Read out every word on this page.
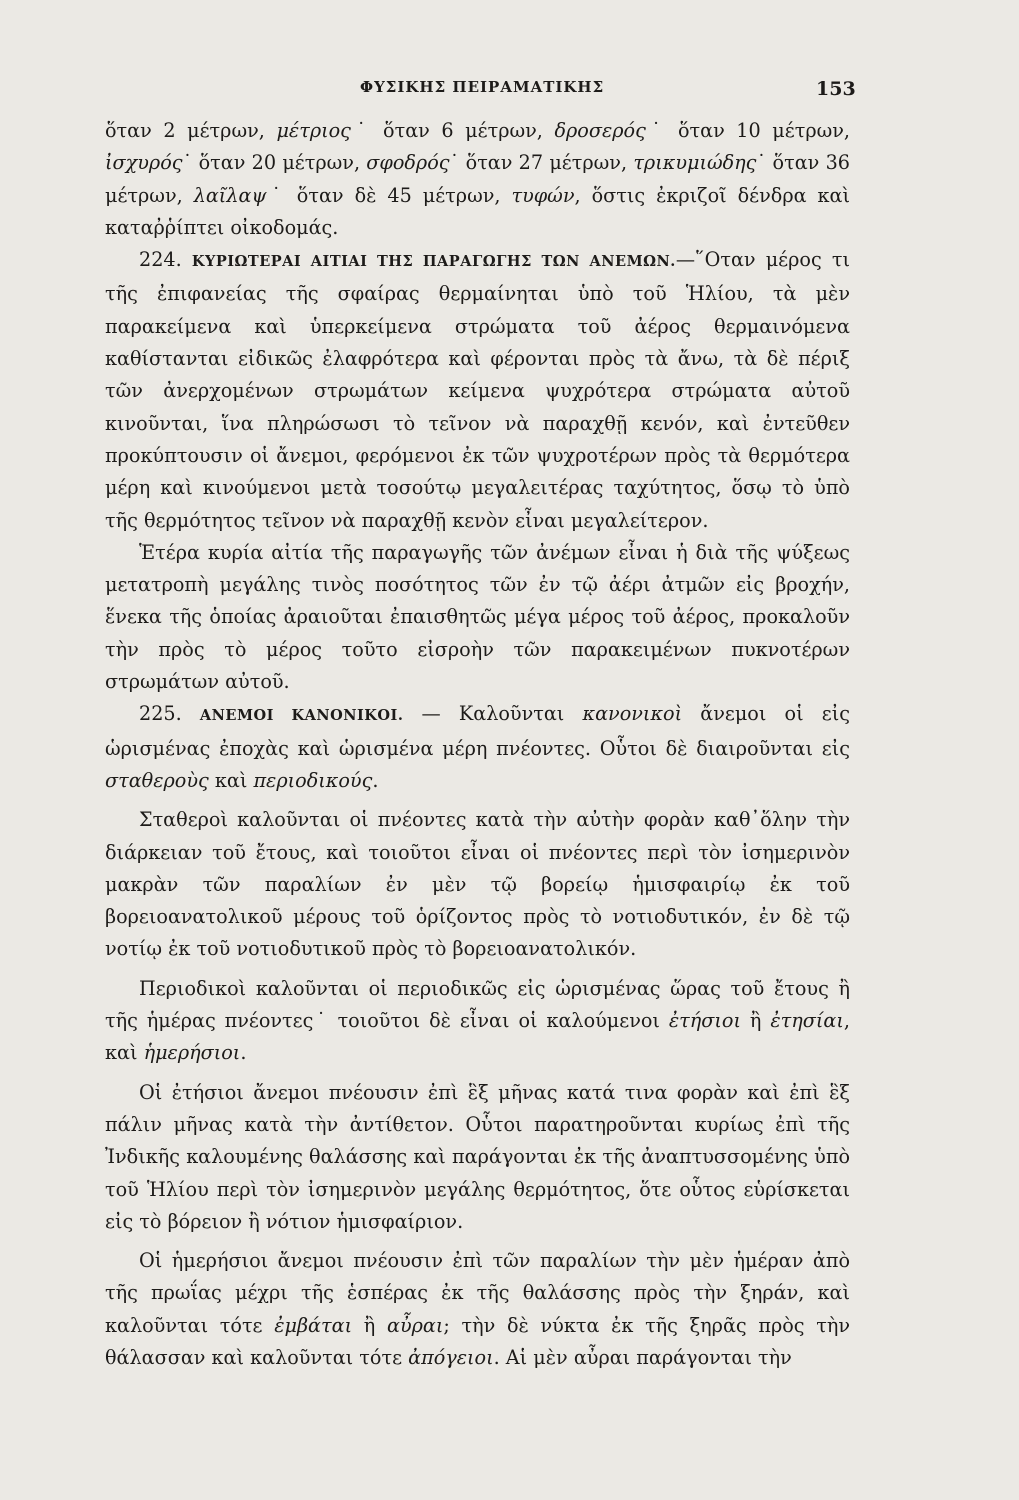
ΦΥΣΙΚΗΣ ΠΕΙΡΑΜΑΤΙΚΗΣ	153

ὅταν 2 μέτρων, μέτριος˙ ὅταν 6 μέτρων, δροσερός˙ ὅταν 10 μέτρων, ἰσχυρός˙ ὅταν 20 μέτρων, σφοδρός˙ ὅταν 27 μέτρων, τρικυμιώδης˙ ὅταν 36 μέτρων, λαῖλαψ˙ ὅταν δὲ 45 μέτρων, τυφών, ὅστις ἐκριζοῖ δένδρα καὶ καταῤῥίπτει οἰκοδομάς.

224. ΚΥΡΙΩΤΕΡΑΙ ΑΙΤΙΑΙ ΤΗΣ ΠΑΡΑΓΩΓΗΣ ΤΩΝ ΑΝΕΜΩΝ.—῞Οταν μέρος τι τῆς ἐπιφανείας τῆς σφαίρας θερμαίνηται ὑπὸ τοῦ Ἡλίου, τὰ μὲν παρακείμενα καὶ ὑπερκείμενα στρώματα τοῦ ἀέρος θερμαινόμενα καθίστανται εἰδικῶς ἐλαφρότερα καὶ φέρονται πρὸς τὰ ἄνω, τὰ δὲ πέριξ τῶν ἀνερχομένων στρωμάτων κείμενα ψυχρότερα στρώματα αὐτοῦ κινοῦνται, ἵνα πληρώσωσι τὸ τεῖνον νὰ παραχθῇ κενόν, καὶ ἐντεῦθεν προκύπτουσιν οἱ ἄνεμοι, φερόμενοι ἐκ τῶν ψυχροτέρων πρὸς τὰ θερμότερα μέρη καὶ κινούμενοι μετὰ τοσούτῳ μεγαλειτέρας ταχύτητος, ὅσῳ τὸ ὑπὸ τῆς θερμότητος τεῖνον νὰ παραχθῇ κενὸν εἶναι μεγαλείτερον.

Ἑτέρα κυρία αἰτία τῆς παραγωγῆς τῶν ἀνέμων εἶναι ἡ διὰ τῆς ψύξεως μετατροπὴ μεγάλης τινὸς ποσότητος τῶν ἐν τῷ ἀέρι ἀτμῶν εἰς βροχήν, ἕνεκα τῆς ὁποίας ἀραιοῦται ἐπαισθητῶς μέγα μέρος τοῦ ἀέρος, προκαλοῦν τὴν πρὸς τὸ μέρος τοῦτο εἰσροὴν τῶν παρακειμένων πυκνοτέρων στρωμάτων αὐτοῦ.

225. ΑΝΕΜΟΙ ΚΑΝΟΝΙΚΟΙ. — Καλοῦνται κανονικοὶ ἄνεμοι οἱ εἰς ὡρισμένας ἐποχὰς καὶ ὡρισμένα μέρη πνέοντες. Οὗτοι δὲ διαιροῦνται εἰς σταθεροὺς καὶ περιοδικούς.

Σταθεροὶ καλοῦνται οἱ πνέοντες κατὰ τὴν αὐτὴν φορὰν καθ᾽ὅλην τὴν διάρκειαν τοῦ ἔτους, καὶ τοιοῦτοι εἶναι οἱ πνέοντες περὶ τὸν ἰσημερινὸν μακρὰν τῶν παραλίων ἐν μὲν τῷ βορείῳ ἡμισφαιρίῳ ἐκ τοῦ βορειοανατολικοῦ μέρους τοῦ ὁρίζοντος πρὸς τὸ νοτιοδυτικόν, ἐν δὲ τῷ νοτίῳ ἐκ τοῦ νοτιοδυτικοῦ πρὸς τὸ βορειοανατολικόν.

Περιοδικοὶ καλοῦνται οἱ περιοδικῶς εἰς ὡρισμένας ὥρας τοῦ ἔτους ἢ τῆς ἡμέρας πνέοντες˙ τοιοῦτοι δὲ εἶναι οἱ καλούμενοι ἐτήσιοι ἢ ἐτησίαι, καὶ ἡμερήσιοι.

Οἱ ἐτήσιοι ἄνεμοι πνέουσιν ἐπὶ ἓξ μῆνας κατά τινα φορὰν καὶ ἐπὶ ἓξ πάλιν μῆνας κατὰ τὴν ἀντίθετον. Οὗτοι παρατηροῦνται κυρίως ἐπὶ τῆς Ἰνδικῆς καλουμένης θαλάσσης καὶ παράγονται ἐκ τῆς ἀναπτυσσομένης ὑπὸ τοῦ Ἡλίου περὶ τὸν ἰσημερινὸν μεγάλης θερμότητος, ὅτε οὗτος εὑρίσκεται εἰς τὸ βόρειον ἢ νότιον ἡμισφαίριον.

Οἱ ἡμερήσιοι ἄνεμοι πνέουσιν ἐπὶ τῶν παραλίων τὴν μὲν ἡμέραν ἀπὸ τῆς πρωΐας μέχρι τῆς ἑσπέρας ἐκ τῆς θαλάσσης πρὸς τὴν ξηράν, καὶ καλοῦνται τότε ἐμβάται ἢ αὖραι; τὴν δὲ νύκτα ἐκ τῆς ξηρᾶς πρὸς τὴν θάλασσαν καὶ καλοῦνται τότε ἀπόγειοι. Αἱ μὲν αὖραι παράγονται τὴν
